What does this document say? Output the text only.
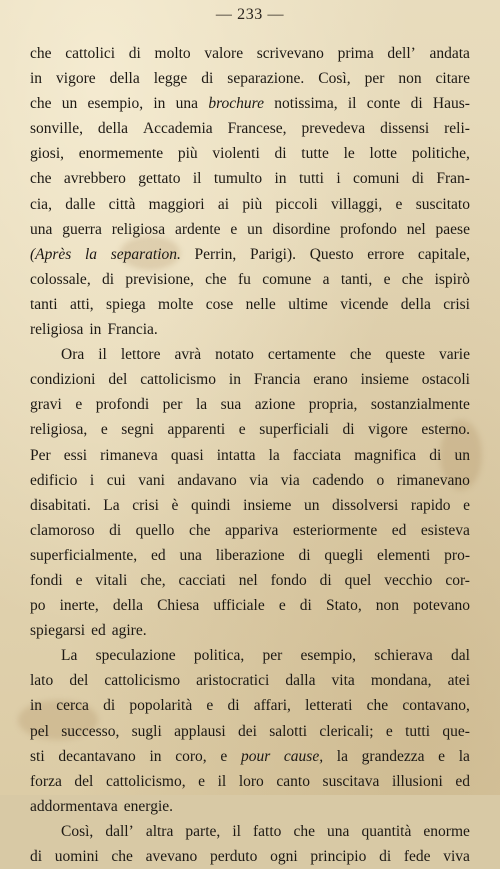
— 233 —
che cattolici di molto valore scrivevano prima dell’ andata
in vigore della legge di separazione. Così, per non citare
che un esempio, in una brochure notissima, il conte di Haus-
sonville, della Accademia Francese, prevedeva dissensi reli-
giosi, enormemente più violenti di tutte le lotte politiche,
che avrebbero gettato il tumulto in tutti i comuni di Fran-
cia, dalle città maggiori ai più piccoli villaggi, e suscitato
una guerra religiosa ardente e un disordine profondo nel paese
(Après la separation. Perrin, Parigi). Questo errore capitale,
colossale, di previsione, che fu comune a tanti, e che ispirò
tanti atti, spiega molte cose nelle ultime vicende della crisi
religiosa in Francia.
Ora il lettore avrà notato certamente che queste varie
condizioni del cattolicismo in Francia erano insieme ostacoli
gravi e profondi per la sua azione propria, sostanzialmente
religiosa, e segni apparenti e superficiali di vigore esterno.
Per essi rimaneva quasi intatta la facciata magnifica di un
edificio i cui vani andavano via via cadendo o rimanevano
disabitati. La crisi è quindi insieme un dissolversi rapido e
clamoroso di quello che appariva esteriormente ed esisteva
superficialmente, ed una liberazione di quegli elementi pro-
fondi e vitali che, cacciati nel fondo di quel vecchio cor-
po inerte, della Chiesa ufficiale e di Stato, non potevano
spiegarsi ed agire.
La speculazione politica, per esempio, schierava dal
lato del cattolicismo aristocratici dalla vita mondana, atei
in cerca di popolarità e di affari, letterati che contavano,
pel successo, sugli applausi dei salotti clericali; e tutti que-
sti decantavano in coro, e pour cause, la grandezza e la
forza del cattolicismo, e il loro canto suscitava illusioni ed
addormentava energie.
Così, dall’ altra parte, il fatto che una quantità enorme
di uomini che avevano perduto ogni principio di fede viva
